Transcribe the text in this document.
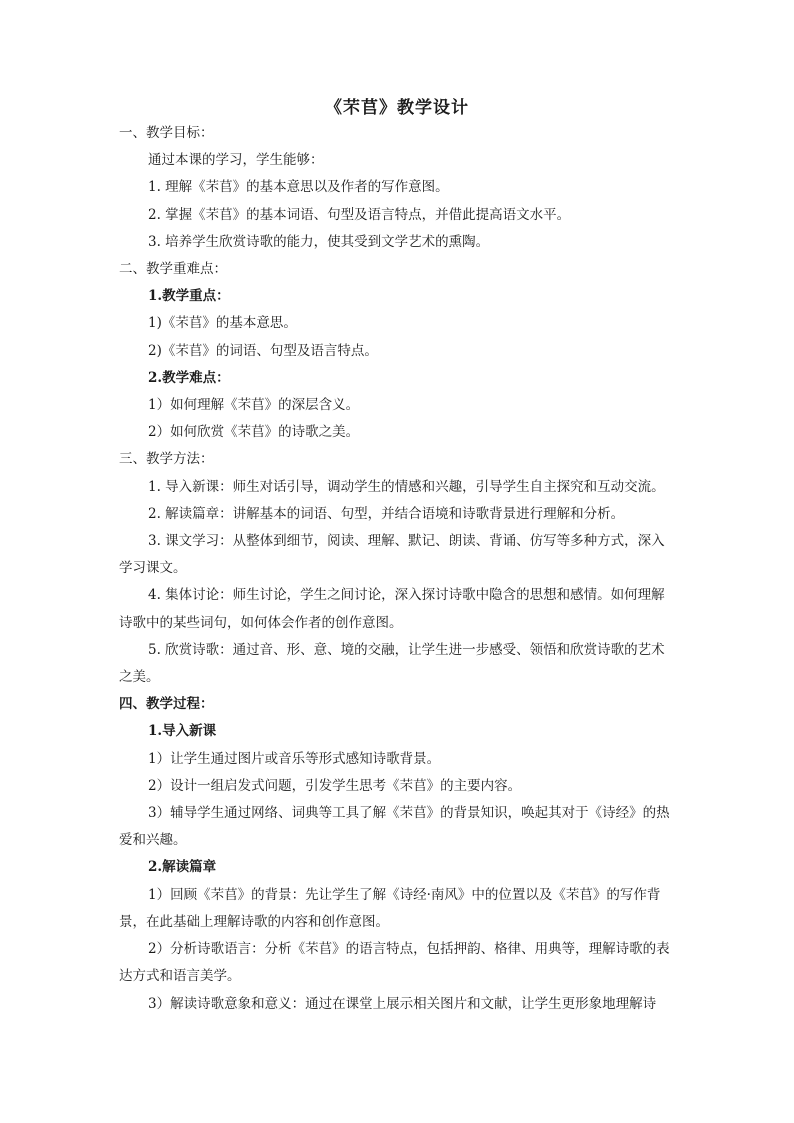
《芣苢》教学设计

一、教学目标：

通过本课的学习，学生能够：

1. 理解《芣苢》的基本意思以及作者的写作意图。

2. 掌握《芣苢》的基本词语、句型及语言特点，并借此提高语文水平。

3. 培养学生欣赏诗歌的能力，使其受到文学艺术的熏陶。

二、教学重难点：

1.教学重点：

1)《芣苢》的基本意思。

2)《芣苢》的词语、句型及语言特点。

2.教学难点：

1）如何理解《芣苢》的深层含义。

2）如何欣赏《芣苢》的诗歌之美。

三、教学方法：

1. 导入新课：师生对话引导，调动学生的情感和兴趣，引导学生自主探究和互动交流。

2. 解读篇章：讲解基本的词语、句型，并结合语境和诗歌背景进行理解和分析。

3. 课文学习：从整体到细节，阅读、理解、默记、朗读、背诵、仿写等多种方式，深入学习课文。

4. 集体讨论：师生讨论，学生之间讨论，深入探讨诗歌中隐含的思想和感情。如何理解诗歌中的某些词句，如何体会作者的创作意图。

5. 欣赏诗歌：通过音、形、意、境的交融，让学生进一步感受、领悟和欣赏诗歌的艺术之美。

四、教学过程：

1.导入新课

1）让学生通过图片或音乐等形式感知诗歌背景。

2）设计一组启发式问题，引发学生思考《芣苢》的主要内容。

3）辅导学生通过网络、词典等工具了解《芣苢》的背景知识，唤起其对于《诗经》的热爱和兴趣。

2.解读篇章

1）回顾《芣苢》的背景：先让学生了解《诗经·南风》中的位置以及《芣苢》的写作背景，在此基础上理解诗歌的内容和创作意图。

2）分析诗歌语言：分析《芣苢》的语言特点，包括押韵、格律、用典等，理解诗歌的表达方式和语言美学。

3）解读诗歌意象和意义：通过在课堂上展示相关图片和文献，让学生更形象地理解诗
